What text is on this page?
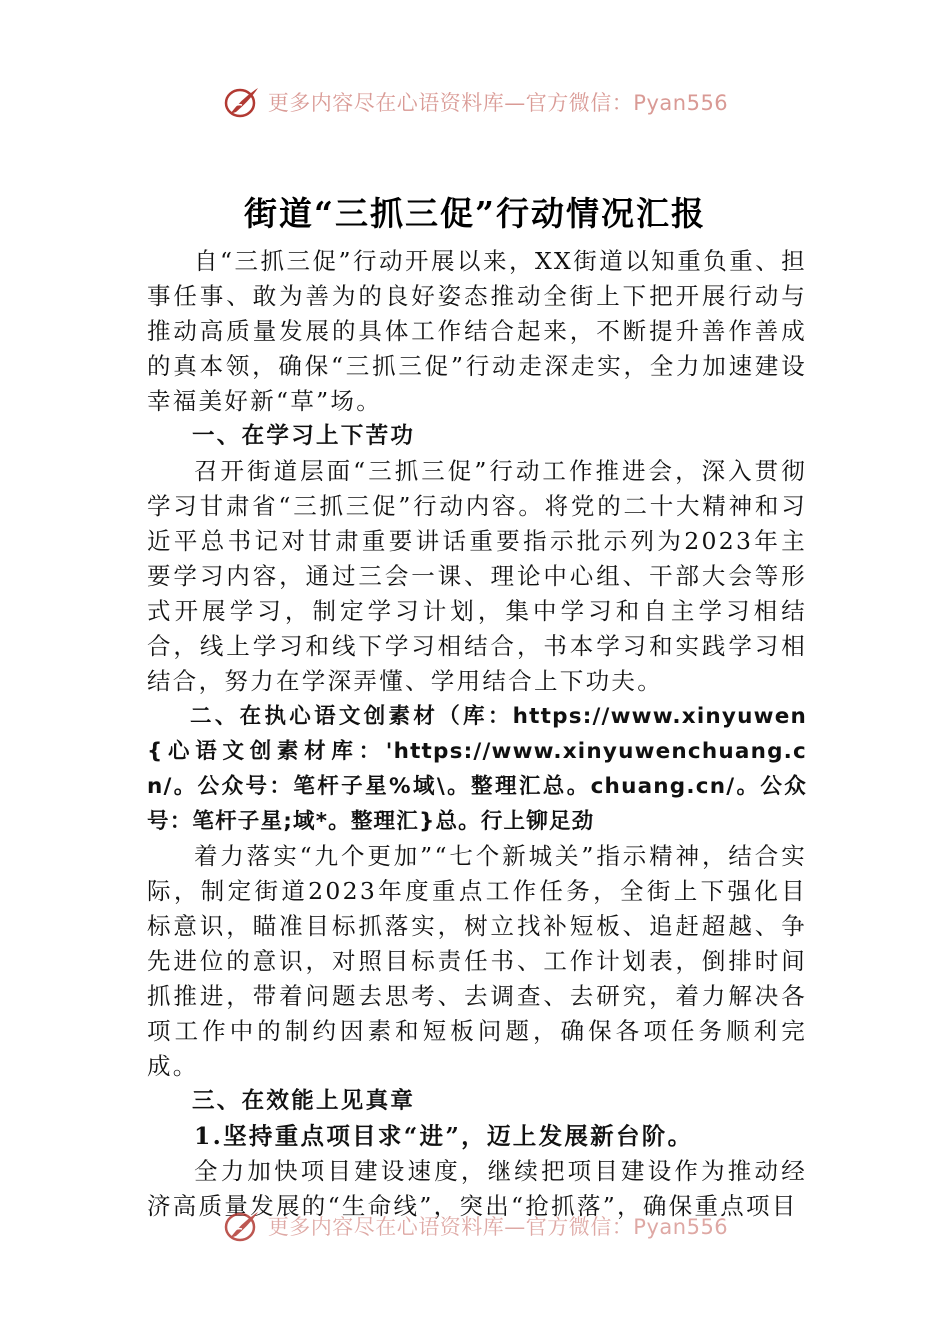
更多内容尽在心语资料库—官方微信：Pyan556
街道“三抓三促”行动情况汇报

自“三抓三促”行动开展以来，XX街道以知重负重、担事任事、敢为善为的良好姿态推动全街上下把开展行动与推动高质量发展的具体工作结合起来，不断提升善作善成的真本领，确保“三抓三促”行动走深走实，全力加速建设幸福美好新“草”场。

一、在学习上下苦功

召开街道层面“三抓三促”行动工作推进会，深入贯彻学习甘肃省“三抓三促”行动内容。将党的二十大精神和习近平总书记对甘肃重要讲话重要指示批示列为2023年主要学习内容，通过三会一课、理论中心组、干部大会等形式开展学习，制定学习计划，集中学习和自主学习相结合，线上学习和线下学习相结合，书本学习和实践学习相结合，努力在学深弄懂、学用结合上下功夫。

二、在执心语文创素材（库：https://www.xinyuwen{心语文创素材库：'https://www.xinyuwenchuang.cn/。公众号：笔杆子星%域\。整理汇总。chuang.cn/。公众号：笔杆子星;域*。整理汇}总。行上铆足劲

着力落实“九个更加”“七个新城关”指示精神，结合实际，制定街道2023年度重点工作任务，全街上下强化目标意识，瞄准目标抓落实，树立找补短板、追赶超越、争先进位的意识，对照目标责任书、工作计划表，倒排时间抓推进，带着问题去思考、去调查、去研究，着力解决各项工作中的制约因素和短板问题，确保各项任务顺利完成。

三、在效能上见真章

1.坚持重点项目求“进”，迈上发展新台阶。

全力加快项目建设速度，继续把项目建设作为推动经济高质量发展的“生命线”，突出“抢抓落”，确保重点项目

更多内容尽在心语资料库—官方微信：Pyan556
